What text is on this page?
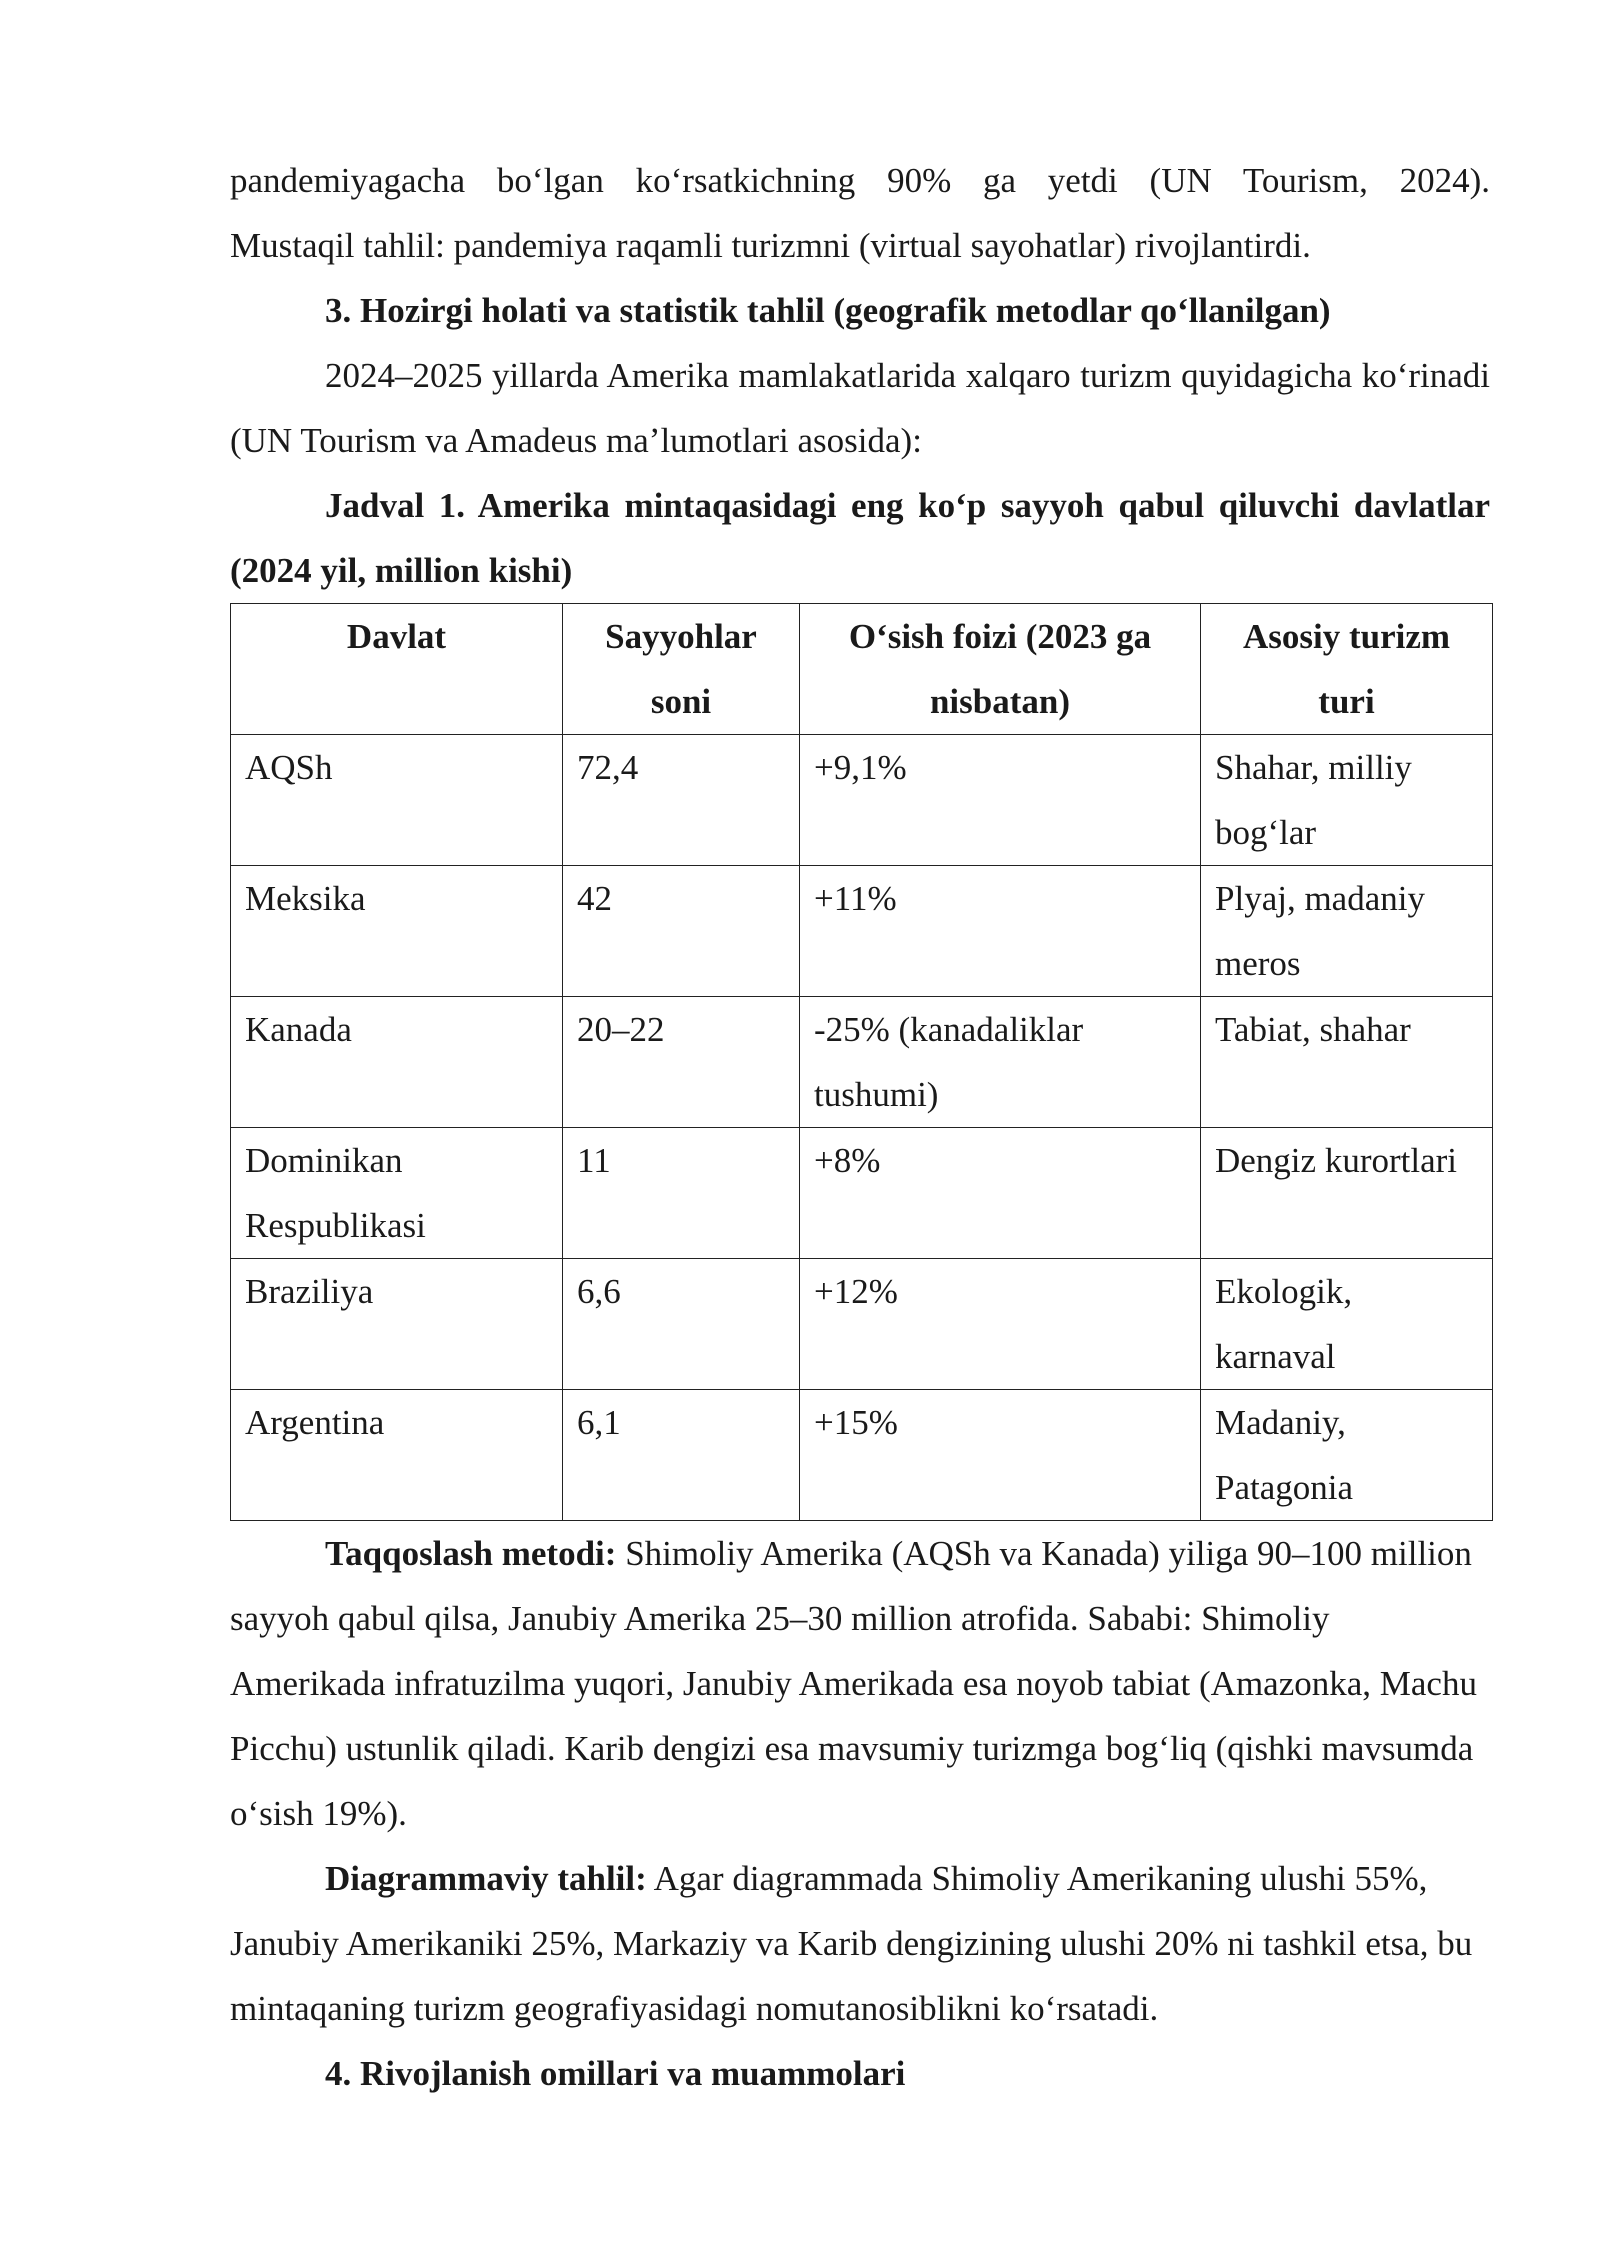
pandemiyagacha boʻlgan koʻrsatkichning 90% ga yetdi (UN Tourism, 2024).
Mustaqil tahlil: pandemiya raqamli turizmni (virtual sayohatlar) rivojlantirdi.

3. Hozirgi holati va statistik tahlil (geografik metodlar qoʻllanilgan)

2024–2025 yillarda Amerika mamlakatlarida xalqaro turizm quyidagicha koʻrinadi (UN Tourism va Amadeus maʼlumotlari asosida):

Jadval 1. Amerika mintaqasidagi eng koʻp sayyoh qabul qiluvchi davlatlar (2024 yil, million kishi)

Davlat	Sayyohlar soni	Oʻsish foizi (2023 ga nisbatan)	Asosiy turizm turi
AQSh	72,4	+9,1%	Shahar, milliy bogʻlar
Meksika	42	+11%	Plyaj, madaniy meros
Kanada	20–22	-25% (kanadaliklar tushumi)	Tabiat, shahar
Dominikan Respublikasi	11	+8%	Dengiz kurortlari
Braziliya	6,6	+12%	Ekologik, karnaval
Argentina	6,1	+15%	Madaniy, Patagonia

Taqqoslash metodi: Shimoliy Amerika (AQSh va Kanada) yiliga 90–100 million sayyoh qabul qilsa, Janubiy Amerika 25–30 million atrofida. Sababi: Shimoliy Amerikada infratuzilma yuqori, Janubiy Amerikada esa noyob tabiat (Amazonka, Machu Picchu) ustunlik qiladi. Karib dengizi esa mavsumiy turizmga bogʻliq (qishki mavsumda oʻsish 19%).

Diagrammaviy tahlil: Agar diagrammada Shimoliy Amerikaning ulushi 55%, Janubiy Amerikaniki 25%, Markaziy va Karib dengizining ulushi 20% ni tashkil etsa, bu mintaqaning turizm geografiyasidagi nomutanosiblikni koʻrsatadi.

4. Rivojlanish omillari va muammolari
